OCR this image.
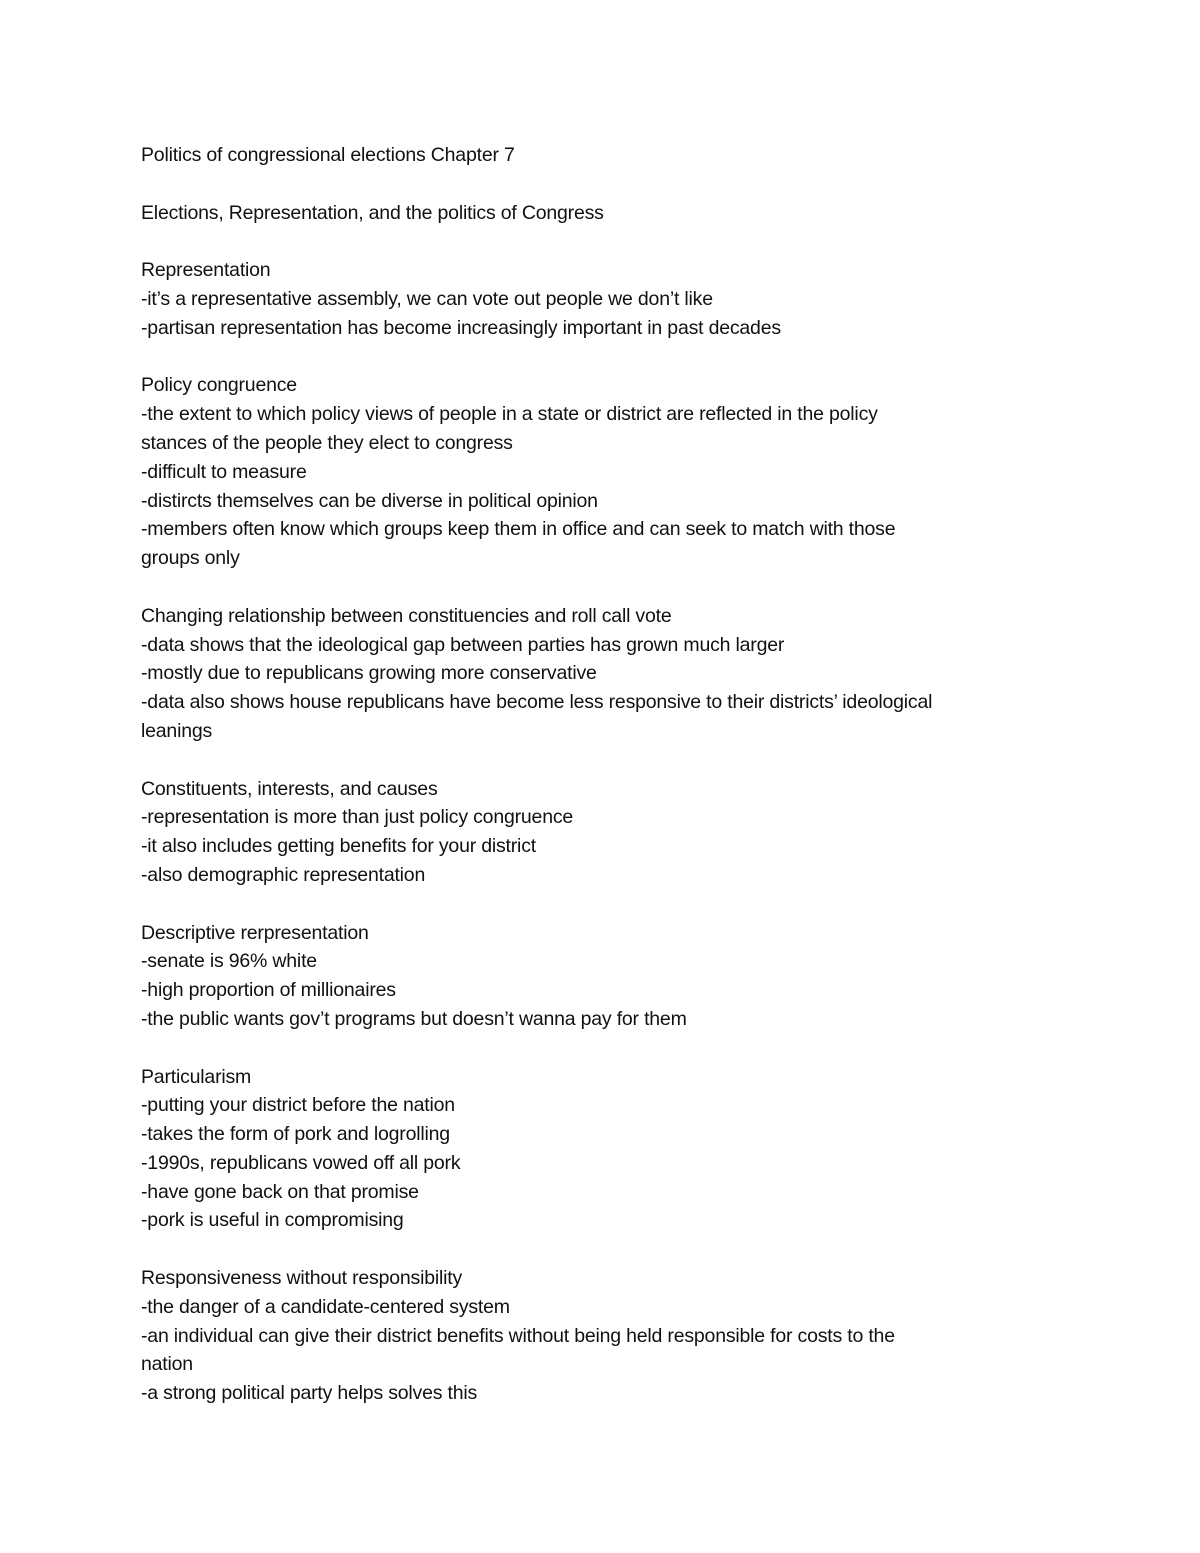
Politics of congressional elections Chapter 7
Elections, Representation, and the politics of Congress
Representation
-it’s a representative assembly, we can vote out people we don’t like
-partisan representation has become increasingly important in past decades
Policy congruence
-the extent to which policy views of people in a state or district are reflected in the policy
stances of the people they elect to congress
-difficult to measure
-distircts themselves can be diverse in political opinion
-members often know which groups keep them in office and can seek to match with those
groups only
Changing relationship between constituencies and roll call vote
-data shows that the ideological gap between parties has grown much larger
-mostly due to republicans growing more conservative
-data also shows house republicans have become less responsive to their districts’ ideological
leanings
Constituents, interests, and causes
-representation is more than just policy congruence
-it also includes getting benefits for your district
-also demographic representation
Descriptive rerpresentation
-senate is 96% white
-high proportion of millionaires
-the public wants gov’t programs but doesn’t wanna pay for them
Particularism
-putting your district before the nation
-takes the form of pork and logrolling
-1990s, republicans vowed off all pork
-have gone back on that promise
-pork is useful in compromising
Responsiveness without responsibility
-the danger of a candidate-centered system
-an individual can give their district benefits without being held responsible for costs to the
nation
-a strong political party helps solves this
